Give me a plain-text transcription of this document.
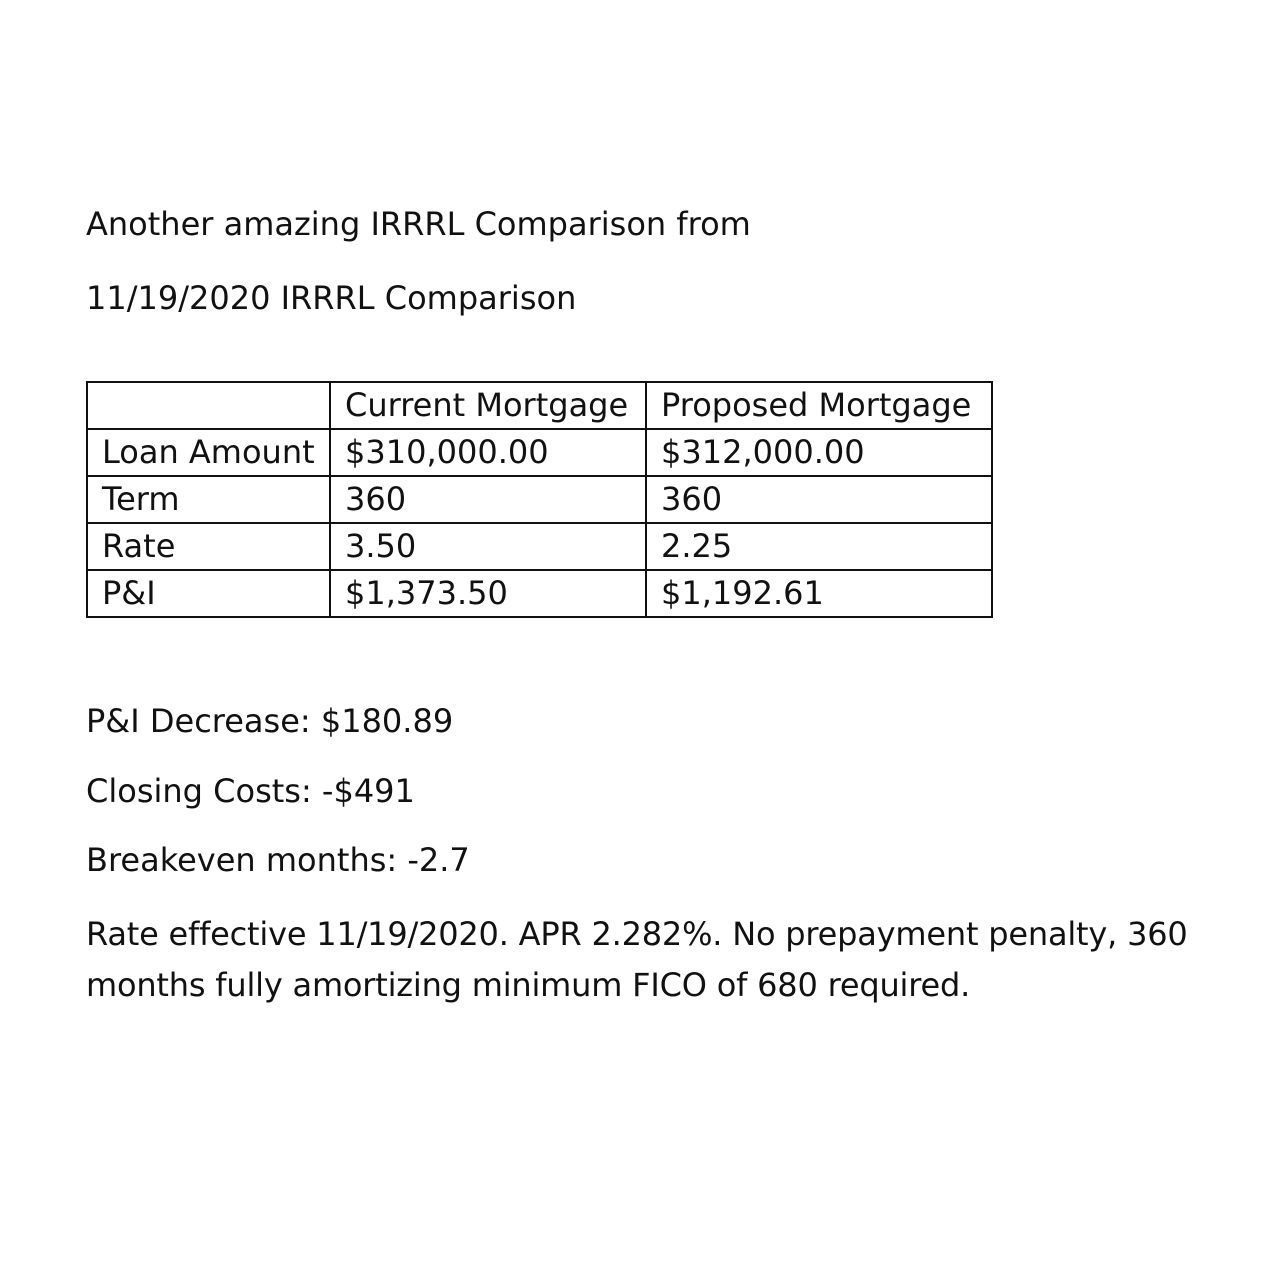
Another amazing IRRRL Comparison from

11/19/2020 IRRRL Comparison

	Current Mortgage	Proposed Mortgage
Loan Amount	$310,000.00	$312,000.00
Term	360	360
Rate	3.50	2.25
P&I	$1,373.50	$1,192.61

P&I Decrease: $180.89

Closing Costs: -$491

Breakeven months: -2.7

Rate effective 11/19/2020. APR 2.282%. No prepayment penalty, 360 months fully amortizing minimum FICO of 680 required.
